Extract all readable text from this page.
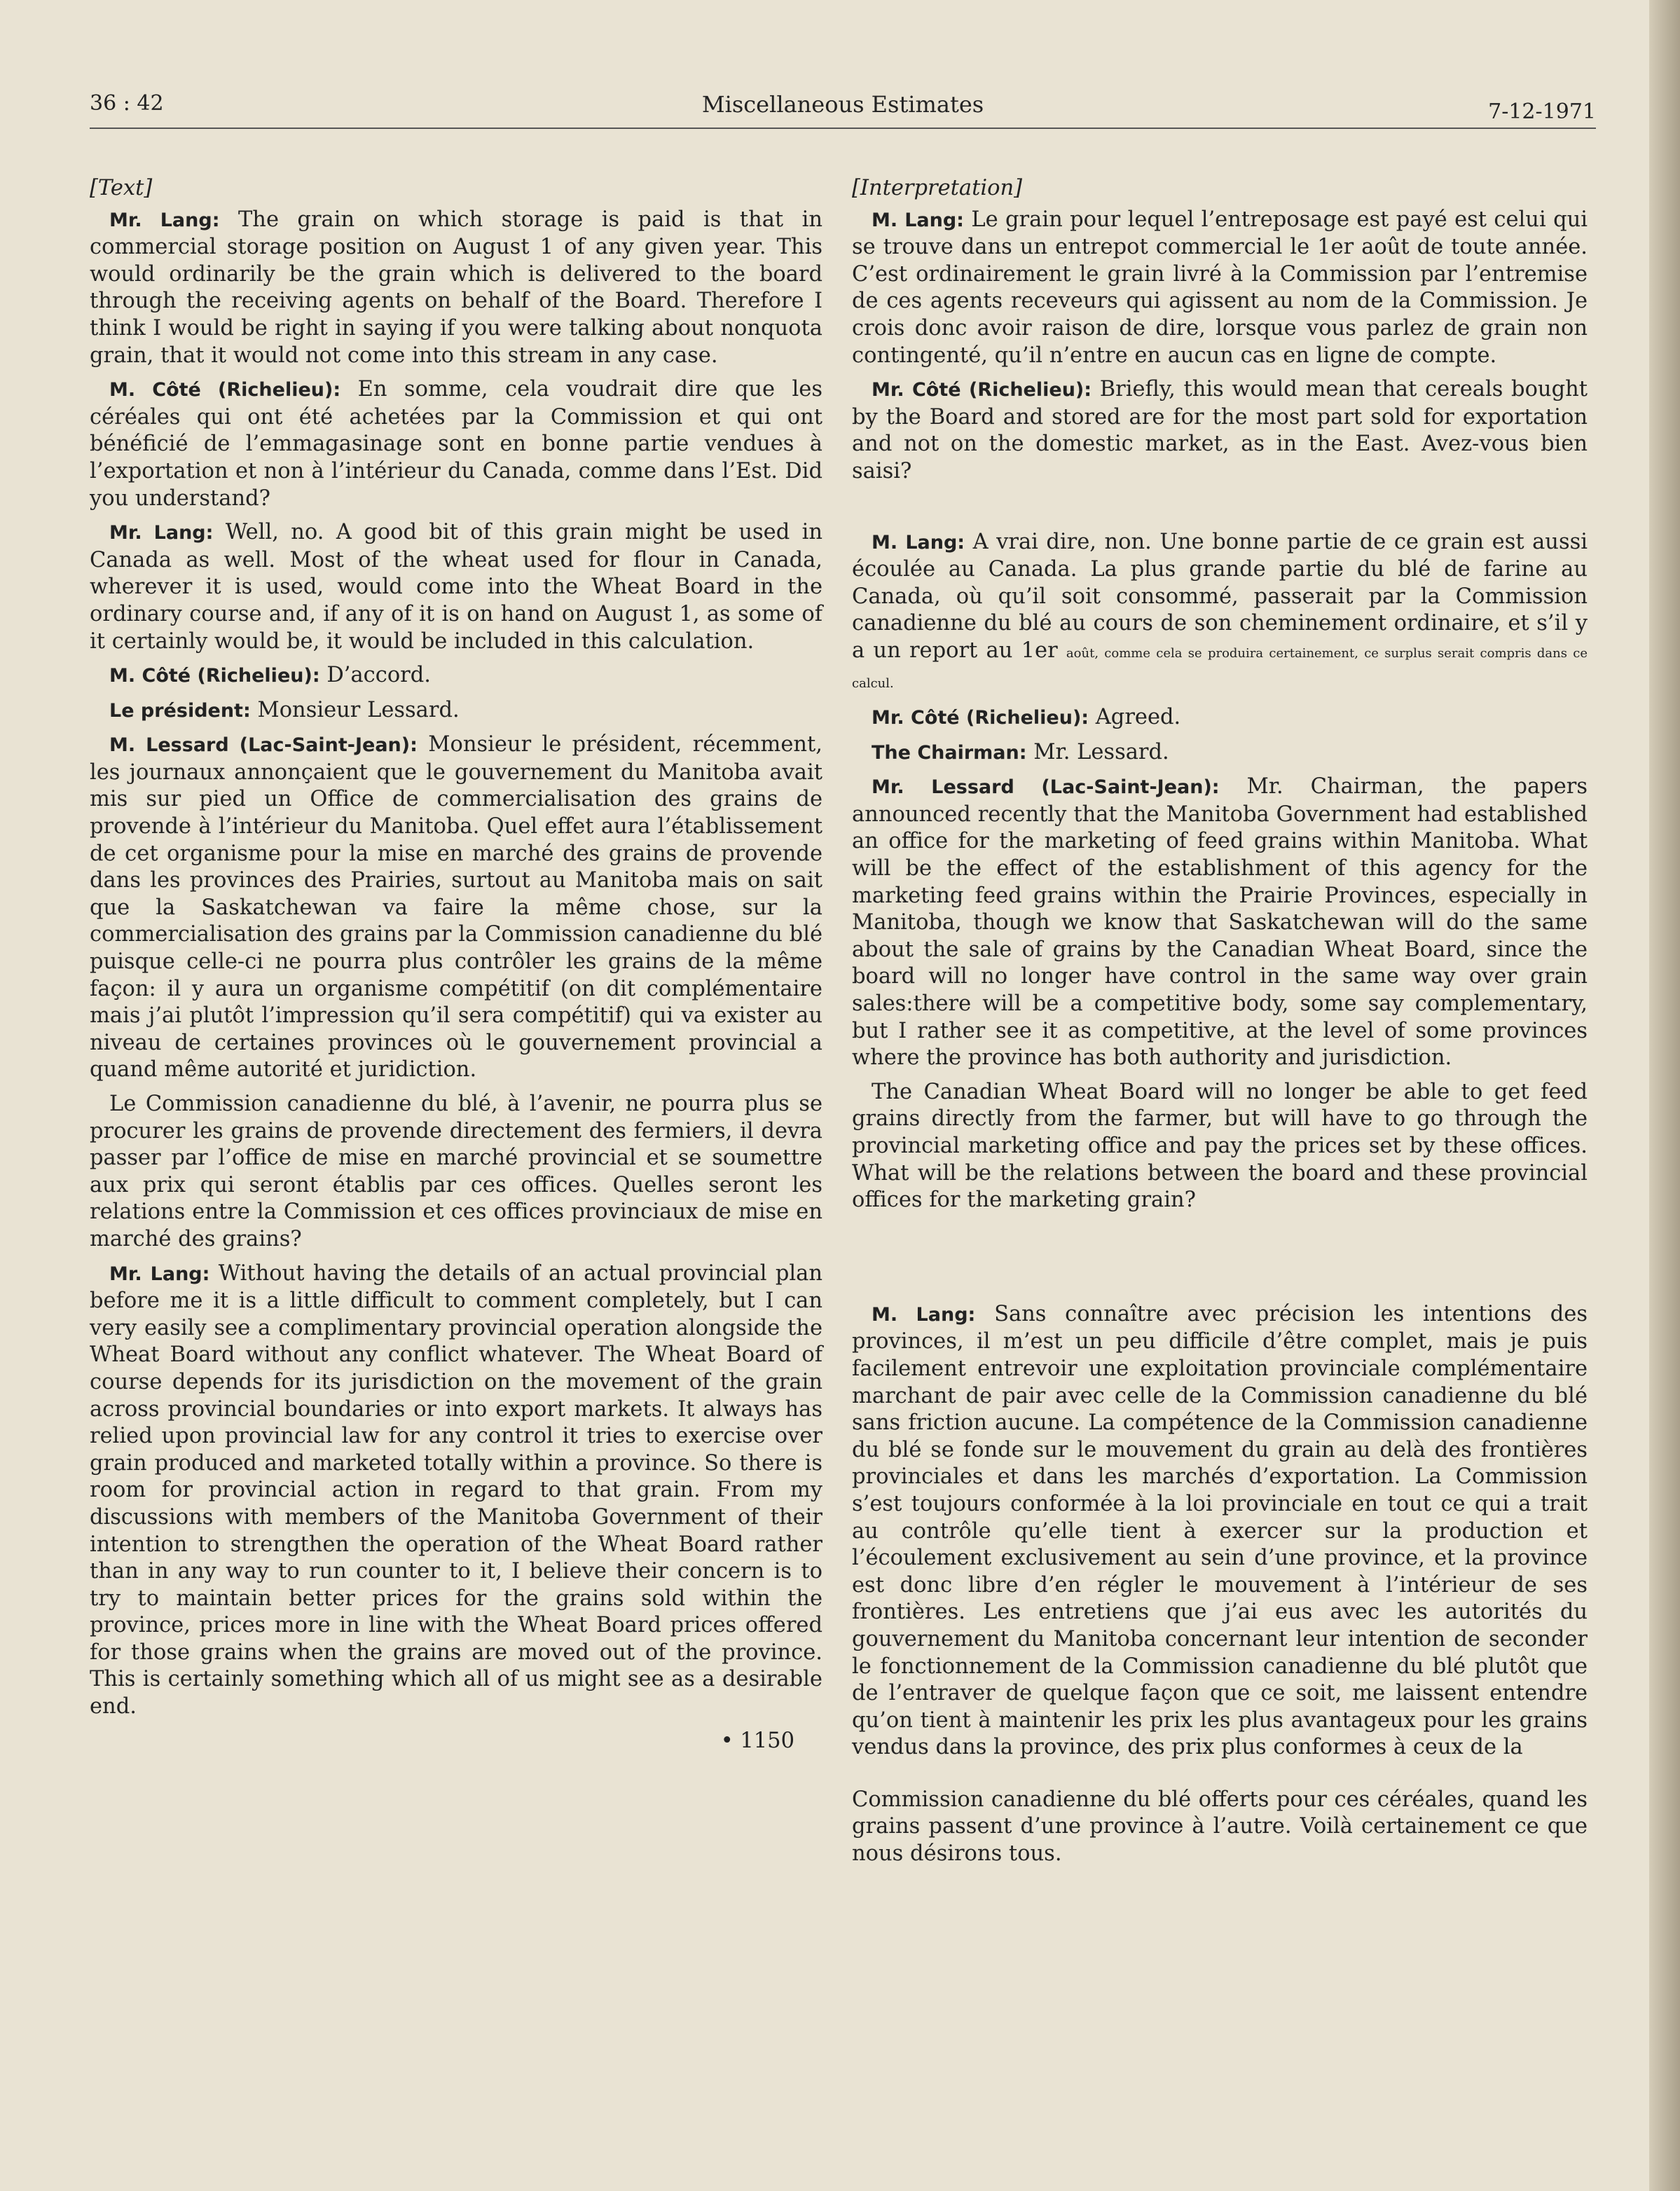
36 : 42	Miscellaneous Estimates	7-12-1971
[Text]

Mr. Lang: The grain on which storage is paid is that in commercial storage position on August 1 of any given year. This would ordinarily be the grain which is delivered to the board through the receiving agents on behalf of the Board. Therefore I think I would be right in saying if you were talking about nonquota grain, that it would not come into this stream in any case.

M. Côté (Richelieu): En somme, cela voudrait dire que les céréales qui ont été achetées par la Commission et qui ont bénéficié de l’emmagasinage sont en bonne partie vendues à l’exportation et non à l’intérieur du Canada, comme dans l’Est. Did you understand?

Mr. Lang: Well, no. A good bit of this grain might be used in Canada as well. Most of the wheat used for flour in Canada, wherever it is used, would come into the Wheat Board in the ordinary course and, if any of it is on hand on August 1, as some of it certainly would be, it would be included in this calculation.

M. Côté (Richelieu): D’accord.

Le président: Monsieur Lessard.

M. Lessard (Lac-Saint-Jean): Monsieur le président, récemment, les journaux annonçaient que le gouvernement du Manitoba avait mis sur pied un Office de commercialisation des grains de provende à l’intérieur du Manitoba. Quel effet aura l’établissement de cet organisme pour la mise en marché des grains de provende dans les provinces des Prairies, surtout au Manitoba mais on sait que la Saskatchewan va faire la même chose, sur la commercialisation des grains par la Commission canadienne du blé puisque celle-ci ne pourra plus contrôler les grains de la même façon: il y aura un organisme compétitif (on dit complémentaire mais j’ai plutôt l’impression qu’il sera compétitif) qui va exister au niveau de certaines provinces où le gouvernement provincial a quand même autorité et juridiction.

Le Commission canadienne du blé, à l’avenir, ne pourra plus se procurer les grains de provende directement des fermiers, il devra passer par l’office de mise en marché provincial et se soumettre aux prix qui seront établis par ces offices. Quelles seront les relations entre la Commission et ces offices provinciaux de mise en marché des grains?

Mr. Lang: Without having the details of an actual provincial plan before me it is a little difficult to comment completely, but I can very easily see a complimentary provincial operation alongside the Wheat Board without any conflict whatever. The Wheat Board of course depends for its jurisdiction on the movement of the grain across provincial boundaries or into export markets. It always has relied upon provincial law for any control it tries to exercise over grain produced and marketed totally within a province. So there is room for provincial action in regard to that grain. From my discussions with members of the Manitoba Government of their intention to strengthen the operation of the Wheat Board rather than in any way to run counter to it, I believe their concern is to try to maintain better prices for the grains sold within the province, prices more in line with the Wheat Board prices offered for those grains when the grains are moved out of the province. This is certainly something which all of us might see as a desirable end.

• 1150
[Interpretation]

M. Lang: Le grain pour lequel l’entreposage est payé est celui qui se trouve dans un entrepot commercial le 1er août de toute année. C’est ordinairement le grain livré à la Commission par l’entremise de ces agents receveurs qui agissent au nom de la Commission. Je crois donc avoir raison de dire, lorsque vous parlez de grain non contingenté, qu’il n’entre en aucun cas en ligne de compte.

Mr. Côté (Richelieu): Briefly, this would mean that cereals bought by the Board and stored are for the most part sold for exportation and not on the domestic market, as in the East. Avez-vous bien saisi?

M. Lang: A vrai dire, non. Une bonne partie de ce grain est aussi écoulée au Canada. La plus grande partie du blé de farine au Canada, où qu’il soit consommé, passerait par la Commission canadienne du blé au cours de son cheminement ordinaire, et s’il y a un report au 1er août, comme cela se produira certainement, ce surplus serait compris dans ce calcul.

Mr. Côté (Richelieu): Agreed.

The Chairman: Mr. Lessard.

Mr. Lessard (Lac-Saint-Jean): Mr. Chairman, the papers announced recently that the Manitoba Government had established an office for the marketing of feed grains within Manitoba. What will be the effect of the establishment of this agency for the marketing feed grains within the Prairie Provinces, especially in Manitoba, though we know that Saskatchewan will do the same about the sale of grains by the Canadian Wheat Board, since the board will no longer have control in the same way over grain sales:there will be a competitive body, some say complementary, but I rather see it as competitive, at the level of some provinces where the province has both authority and jurisdiction.

The Canadian Wheat Board will no longer be able to get feed grains directly from the farmer, but will have to go through the provincial marketing office and pay the prices set by these offices. What will be the relations between the board and these provincial offices for the marketing grain?

M. Lang: Sans connaître avec précision les intentions des provinces, il m’est un peu difficile d’être complet, mais je puis facilement entrevoir une exploitation provinciale complémentaire marchant de pair avec celle de la Commission canadienne du blé sans friction aucune. La compétence de la Commission canadienne du blé se fonde sur le mouvement du grain au delà des frontières provinciales et dans les marchés d’exportation. La Commission s’est toujours conformée à la loi provinciale en tout ce qui a trait au contrôle qu’elle tient à exercer sur la production et l’écoulement exclusivement au sein d’une province, et la province est donc libre d’en régler le mouvement à l’intérieur de ses frontières. Les entretiens que j’ai eus avec les autorités du gouvernement du Manitoba concernant leur intention de seconder le fonctionnement de la Commission canadienne du blé plutôt que de l’entraver de quelque façon que ce soit, me laissent entendre qu’on tient à maintenir les prix les plus avantageux pour les grains vendus dans la province, des prix plus conformes à ceux de la

Commission canadienne du blé offerts pour ces céréales, quand les grains passent d’une province à l’autre. Voilà certainement ce que nous désirons tous.
